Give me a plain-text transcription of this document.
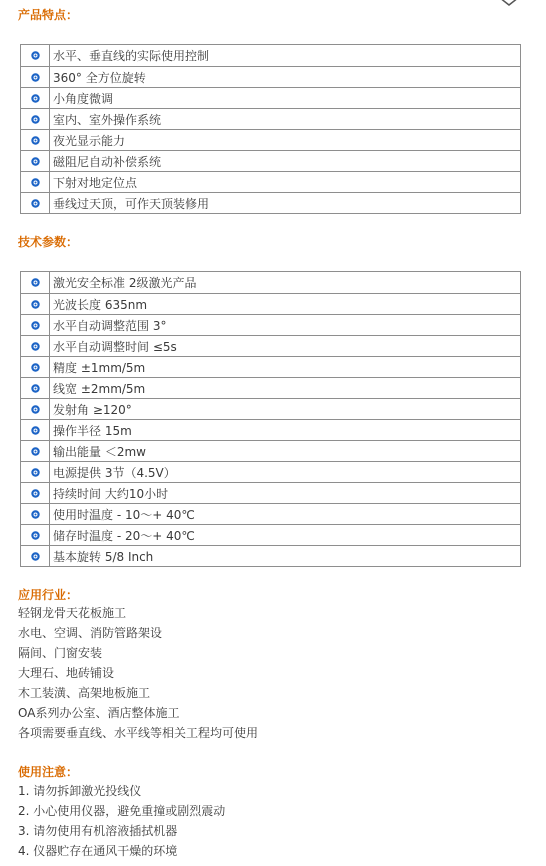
产品特点：
水平、垂直线的实际使用控制
360° 全方位旋转
小角度微调
室内、室外操作系统
夜光显示能力
磁阻尼自动补偿系统
下射对地定位点
垂线过天顶，可作天顶装修用
技术参数：
激光安全标准 2级激光产品
光波长度 635nm
水平自动调整范围 3°
水平自动调整时间 ≤5s
精度 ±1mm/5m
线宽 ±2mm/5m
发射角 ≥120°
操作半径 15m
输出能量 ＜2mw
电源提供 3节（4.5V）
持续时间 大约10小时
使用时温度 - 10～+ 40℃
储存时温度 - 20～+ 40℃
基本旋转 5/8 Inch
应用行业：
轻钢龙骨天花板施工
水电、空调、消防管路架设
隔间、门窗安装
大理石、地砖铺设
木工装潢、高架地板施工
OA系列办公室、酒店整体施工
各项需要垂直线、水平线等相关工程均可使用
使用注意：
1. 请勿拆卸激光投线仪
2. 小心使用仪器，避免重撞或剧烈震动
3. 请勿使用有机溶液插拭机器
4. 仪器贮存在通风干燥的环境
